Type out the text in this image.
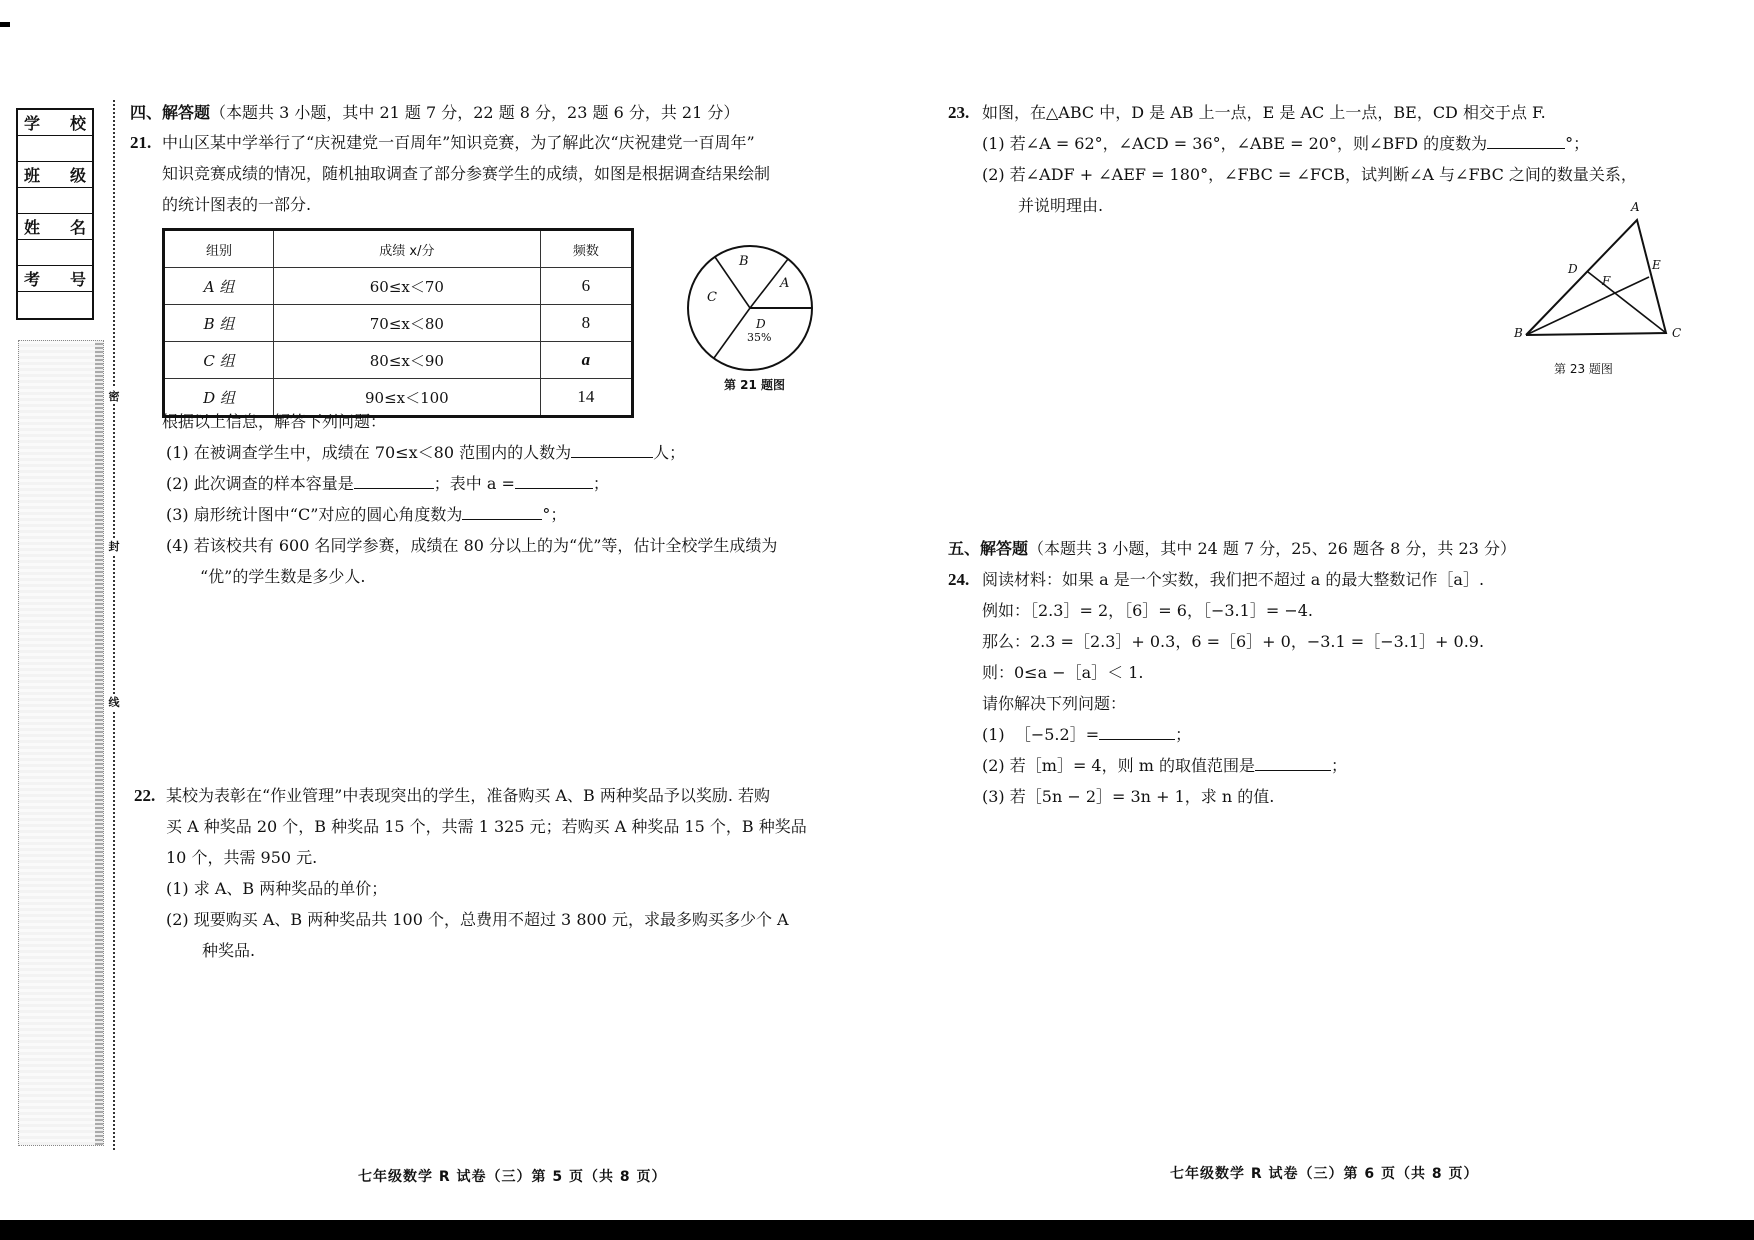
学 校
班 级
姓 名
考 号
密
封
线
四、解答题（本题共 3 小题，其中 21 题 7 分，22 题 8 分，23 题 6 分，共 21 分）
21. 中山区某中学举行了“庆祝建党一百周年”知识竞赛，为了解此次“庆祝建党一百周年”
知识竞赛成绩的情况，随机抽取调查了部分参赛学生的成绩，如图是根据调查结果绘制
的统计图表的一部分.
组别	成绩 x/分	频数
A 组	60≤x＜70	6
B 组	70≤x＜80	8
C 组	80≤x＜90	a
D 组	90≤x＜100	14
B
A
C
D
35%
第 21 题图
根据以上信息，解答下列问题：
(1) 在被调查学生中，成绩在 70≤x＜80 范围内的人数为	人；
(2) 此次调查的样本容量是	；表中 a =	；
(3) 扇形统计图中“C”对应的圆心角度数为	°；
(4) 若该校共有 600 名同学参赛，成绩在 80 分以上的为“优”等，估计全校学生成绩为
“优”的学生数是多少人.
22. 某校为表彰在“作业管理”中表现突出的学生，准备购买 A、B 两种奖品予以奖励. 若购
买 A 种奖品 20 个，B 种奖品 15 个，共需 1 325 元；若购买 A 种奖品 15 个，B 种奖品
10 个，共需 950 元.
(1) 求 A、B 两种奖品的单价；
(2) 现要购买 A、B 两种奖品共 100 个，总费用不超过 3 800 元，求最多购买多少个 A
种奖品.
七年级数学 R 试卷（三）第 5 页（共 8 页）
23. 如图，在△ABC 中，D 是 AB 上一点，E 是 AC 上一点，BE，CD 相交于点 F.
(1) 若∠A = 62°，∠ACD = 36°，∠ABE = 20°，则∠BFD 的度数为	°；
(2) 若∠ADF + ∠AEF = 180°，∠FBC = ∠FCB，试判断∠A 与∠FBC 之间的数量关系，
并说明理由.	A
B	C
D	E
F
第 23 题图
五、解答题（本题共 3 小题，其中 24 题 7 分，25、26 题各 8 分，共 23 分）
24. 阅读材料：如果 a 是一个实数，我们把不超过 a 的最大整数记作［a］.
例如：［2.3］= 2，［6］= 6，［−3.1］= −4.
那么：2.3 =［2.3］+ 0.3，6 =［6］+ 0，−3.1 =［−3.1］+ 0.9.
则：0≤a −［a］＜ 1.
请你解决下列问题：
(1) ［−5.2］=	；
(2) 若［m］= 4，则 m 的取值范围是	；
(3) 若［5n − 2］= 3n + 1，求 n 的值.
七年级数学 R 试卷（三）第 6 页（共 8 页）
